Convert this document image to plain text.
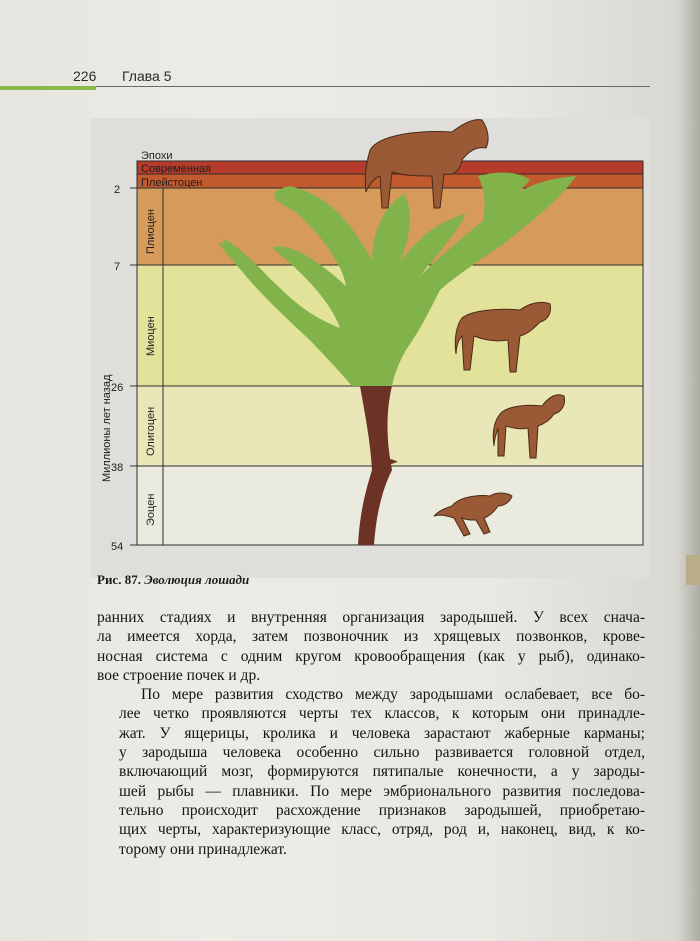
226 Глава 5
Эпохи
Современная
Плейстоцен
Плиоцен
Миоцен
Олигоцен
Эоцен
2
7
26
38
54
Миллионы лет назад
Рис. 87. Эволюция лошади

ранних стадиях и внутренняя организация зародышей. У всех снача-
ла имеется хорда, затем позвоночник из хрящевых позвонков, крове-
носная система с одним кругом кровообращения (как у рыб), одинако-
вое строение почек и др.

По мере развития сходство между зародышами ослабевает, все бо-
лее четко проявляются черты тех классов, к которым они принадле-
жат. У ящерицы, кролика и человека зарастают жаберные карманы;
у зародыша человека особенно сильно развивается головной отдел,
включающий мозг, формируются пятипалые конечности, а у зароды-
шей рыбы — плавники. По мере эмбрионального развития последова-
тельно происходит расхождение признаков зародышей, приобретаю-
щих черты, характеризующие класс, отряд, род и, наконец, вид, к ко-
торому они принадлежат.
